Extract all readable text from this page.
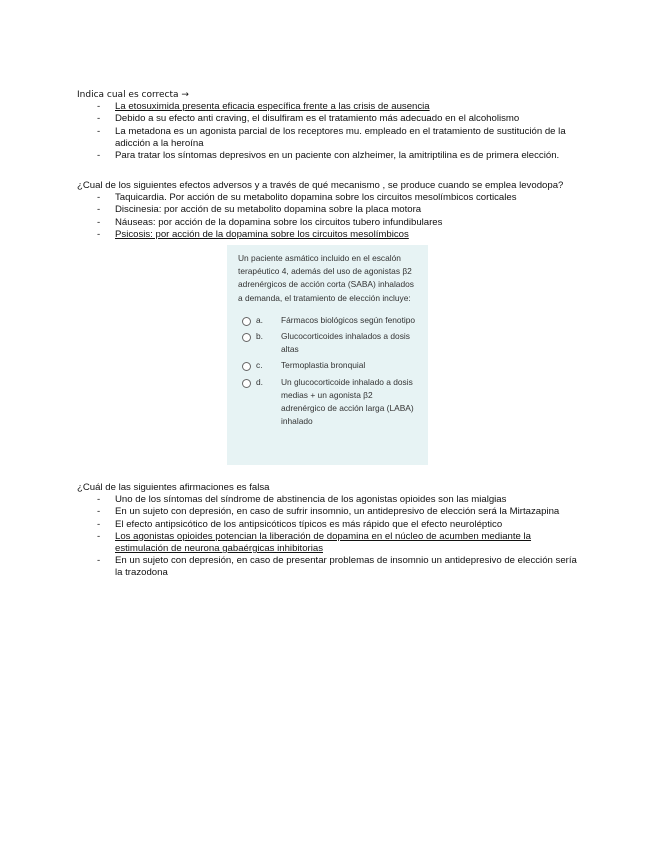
Indica cual es correcta →

- La etosuximida presenta eficacia específica frente a las crisis de ausencia
- Debido a su efecto anti craving, el disulfiram es el tratamiento más adecuado en el alcoholismo
- La metadona es un agonista parcial de los receptores mu. empleado en el tratamiento de sustitución de la adicción a la heroína
- Para tratar los síntomas depresivos en un paciente con alzheimer, la amitriptilina es de primera elección.

¿Cual de los siguientes efectos adversos y a través de qué mecanismo , se produce cuando se emplea levodopa?

- Taquicardia. Por acción de su metabolito dopamina sobre los circuitos mesolímbicos corticales
- Discinesia: por acción de su metabolito dopamina sobre la placa motora
- Náuseas: por acción de la dopamina sobre los circuitos tubero infundibulares
- Psicosis: por acción de la dopamina sobre los circuitos mesolímbicos

Un paciente asmático incluido en el escalón terapéutico 4, además del uso de agonistas β2 adrenérgicos de acción corta (SABA) inhalados a demanda, el tratamiento de elección incluye:

a. Fármacos biológicos según fenotipo
b. Glucocorticoides inhalados a dosis altas
c. Termoplastia bronquial
d. Un glucocorticoide inhalado a dosis medias + un agonista β2 adrenérgico de acción larga (LABA) inhalado

¿Cuál de las siguientes afirmaciones es falsa

- Uno de los síntomas del síndrome de abstinencia de los agonistas opioides son las mialgias
- En un sujeto con depresión, en caso de sufrir insomnio, un antidepresivo de elección será la Mirtazapina
- El efecto antipsicótico de los antipsicóticos típicos es más rápido que el efecto neuroléptico
- Los agonistas opioides potencian la liberación de dopamina en el núcleo de acumben mediante la estimulación de neurona gabaérgicas inhibitorias
- En un sujeto con depresión, en caso de presentar problemas de insomnio un antidepresivo de elección sería la trazodona
